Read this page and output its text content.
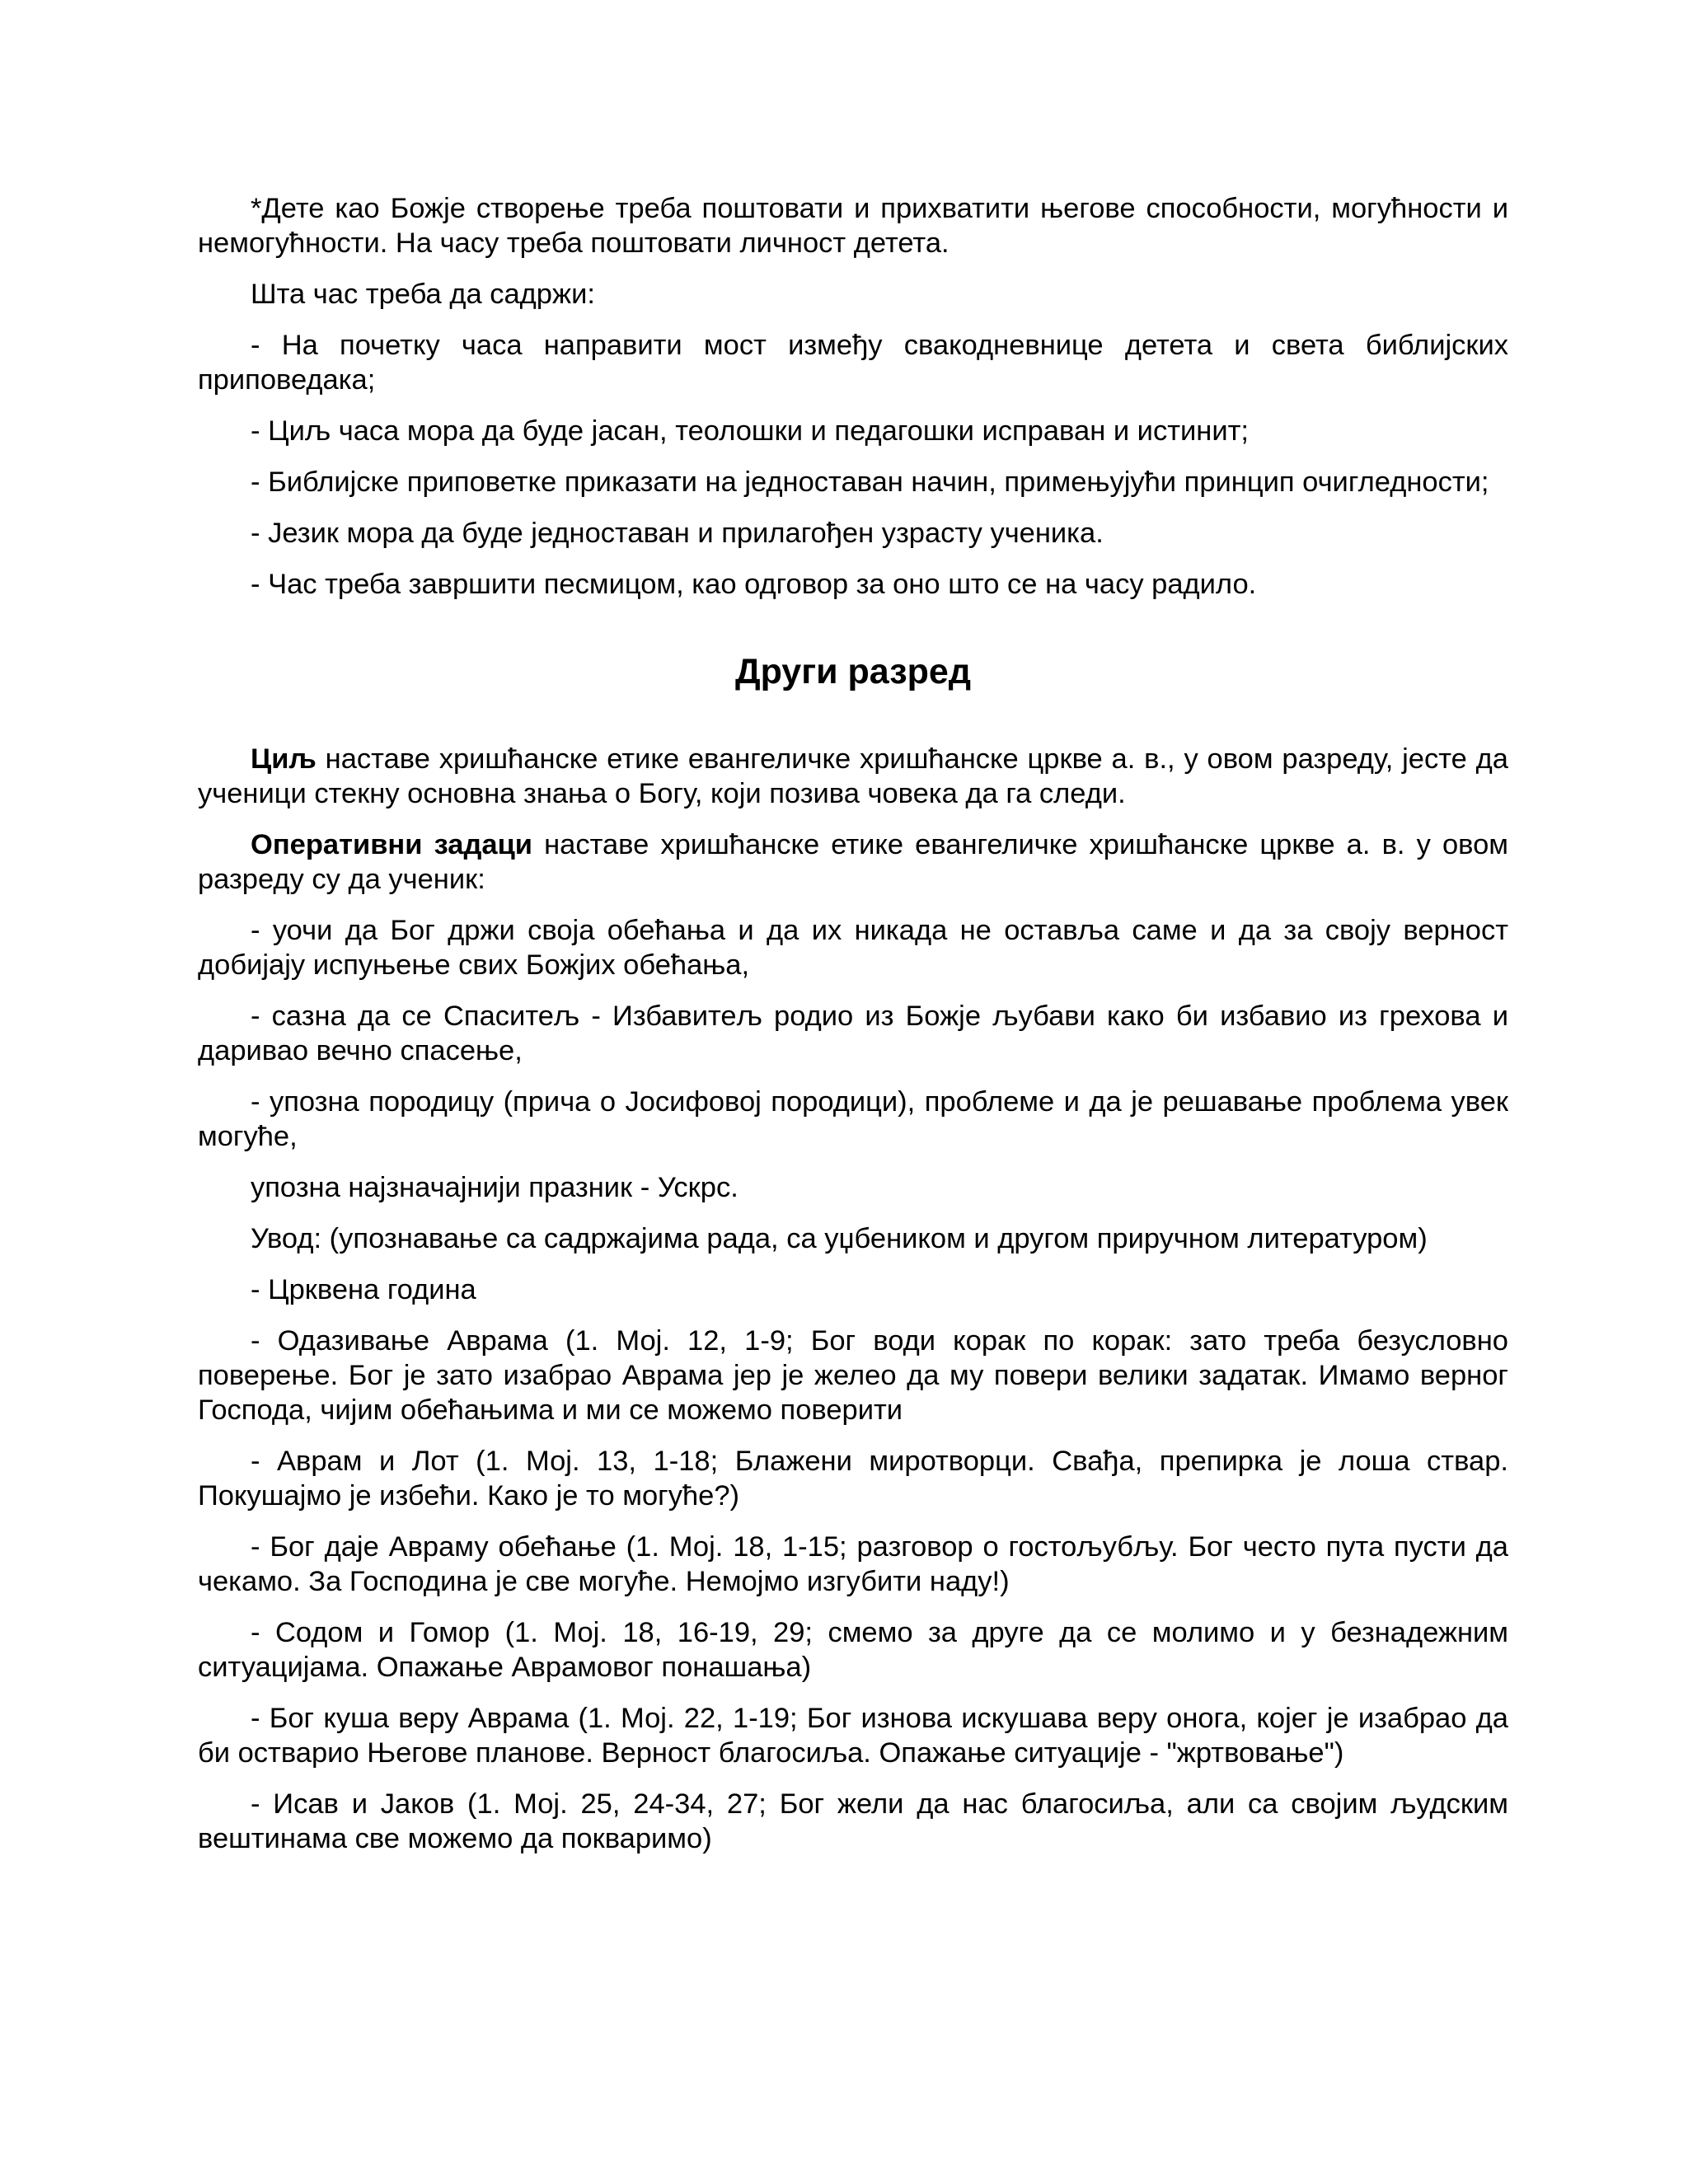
*Дете као Божје створење треба поштовати и прихватити његове способности, могућности и немогућности. На часу треба поштовати личност детета.

Шта час треба да садржи:

- На почетку часа направити мост између свакодневнице детета и света библијских приповедака;

- Циљ часа мора да буде јасан, теолошки и педагошки исправан и истинит;

- Библијске приповетке приказати на једноставан начин, примењујући принцип очигледности;

- Језик мора да буде једноставан и прилагођен узрасту ученика.

- Час треба завршити песмицом, као одговор за оно што се на часу радило.

Други разред

Циљ наставе хришћанске етике евангеличке хришћанске цркве а. в., у овом разреду, јесте да ученици стекну основна знања о Богу, који позива човека да га следи.

Оперативни задаци наставе хришћанске етике евангеличке хришћанске цркве а. в. у овом разреду су да ученик:

- уочи да Бог држи своја обећања и да их никада не оставља саме и да за своју верност добијају испуњење свих Божјих обећања,

- сазна да се Спаситељ - Избавитељ родио из Божје љубави како би избавио из грехова и даривао вечно спасење,

- упозна породицу (прича о Јосифовој породици), проблеме и да је решавање проблема увек могуће,

упозна најзначајнији празник - Ускрс.

Увод: (упознавање са садржајима рада, са уџбеником и другом приручном литературом)

- Црквена година

- Одазивање Аврама (1. Мој. 12, 1-9; Бог води корак по корак: зато треба безусловно поверење. Бог је зато изабрао Аврама јер је желео да му повери велики задатак. Имамо верног Господа, чијим обећањима и ми се можемо поверити

- Аврам и Лот (1. Мој. 13, 1-18; Блажени миротворци. Свађа, препирка је лоша ствар. Покушајмо је избећи. Како је то могуће?)

- Бог даје Авраму обећање (1. Мој. 18, 1-15; разговор о гостољубљу. Бог често пута пусти да чекамо. За Господина је све могуће. Немојмо изгубити наду!)

- Содом и Гомор (1. Мој. 18, 16-19, 29; смемо за друге да се молимо и у безнадежним ситуацијама. Опажање Аврамовог понашања)

- Бог куша веру Аврама (1. Мој. 22, 1-19; Бог изнова искушава веру онога, којег је изабрао да би остварио Његове планове. Верност благосиља. Опажање ситуације - "жртвовање")

- Исав и Јаков (1. Мој. 25, 24-34, 27; Бог жели да нас благосиља, али са својим људским вештинама све можемо да покваримо)
